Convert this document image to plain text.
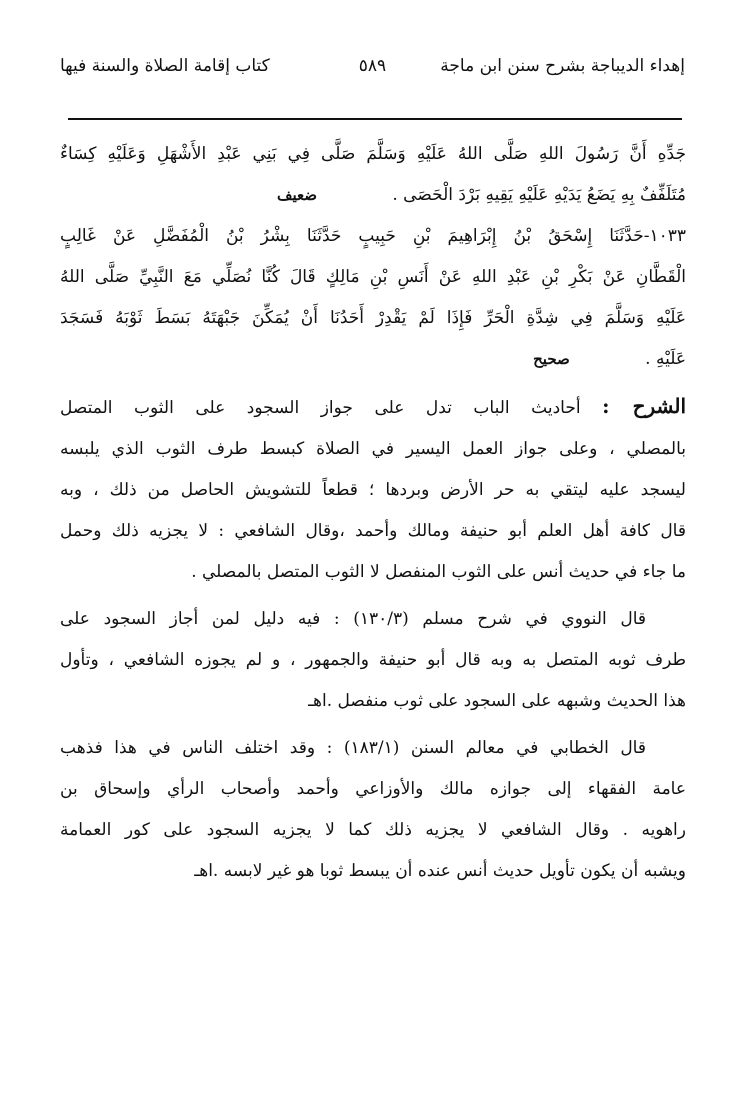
إهداء الديباجة بشرح سنن ابن ماجة
٥٨٩
كتاب إقامة الصلاة والسنة فيها

جَدِّهِ أَنَّ رَسُولَ اللهِ صَلَّى اللهُ عَلَيْهِ وَسَلَّمَ صَلَّى فِي بَنِي عَبْدِ الأَشْهَلِ وَعَلَيْهِ كِسَاءٌ

مُتَلَفِّفٌ بِهِ يَضَعُ يَدَيْهِ عَلَيْهِ يَقِيهِ بَرْدَ الْحَصَى . ضعيف

١٠٣٣-حَدَّثَنَا إِسْحَقُ بْنُ إِبْرَاهِيمَ بْنِ حَبِيبٍ حَدَّثَنَا بِشْرُ بْنُ الْمُفَضَّلِ عَنْ غَالِبٍ

الْقَطَّانِ عَنْ بَكْرِ بْنِ عَبْدِ اللهِ عَنْ أَنَسِ بْنِ مَالِكٍ قَالَ كُنَّا نُصَلِّي مَعَ النَّبِيِّ صَلَّى اللهُ

عَلَيْهِ وَسَلَّمَ فِي شِدَّةِ الْحَرِّ فَإِذَا لَمْ يَقْدِرْ أَحَدُنَا أَنْ يُمَكِّنَ جَبْهَتَهُ بَسَطَ ثَوْبَهُ فَسَجَدَ

عَلَيْهِ . صحيح

الشرح : أحاديث الباب تدل على جواز السجود على الثوب المتصل

بالمصلي ، وعلى جواز العمل اليسير في الصلاة كبسط طرف الثوب الذي يلبسه

ليسجد عليه ليتقي به حر الأرض وبردها ؛ قطعاً للتشويش الحاصل من ذلك ، وبه

قال كافة أهل العلم أبو حنيفة ومالك وأحمد ،وقال الشافعي : لا يجزيه ذلك وحمل

ما جاء في حديث أنس على الثوب المنفصل لا الثوب المتصل بالمصلي .

قال النووي في شرح مسلم (١٣٠/٣) : فيه دليل لمن أجاز السجود على

طرف ثوبه المتصل به وبه قال أبو حنيفة والجمهور ، و لم يجوزه الشافعي ، وتأول

هذا الحديث وشبهه على السجود على ثوب منفصل .اهـ

قال الخطابي في معالم السنن (١٨٣/١) : وقد اختلف الناس في هذا فذهب

عامة الفقهاء إلى جوازه مالك والأوزاعي وأحمد وأصحاب الرأي وإسحاق بن

راهويه . وقال الشافعي لا يجزيه ذلك كما لا يجزيه السجود على كور العمامة

ويشبه أن يكون تأويل حديث أنس عنده أن يبسط ثوبا هو غير لابسه .اهـ
